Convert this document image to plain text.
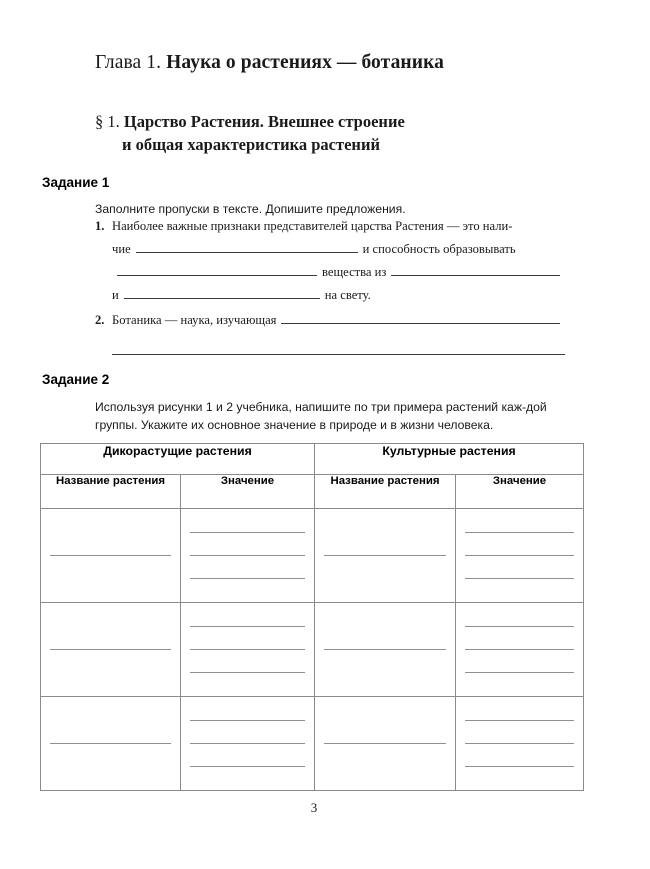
Глава 1. Наука о растениях — ботаника
§ 1. Царство Растения. Внешнее строение
и общая характеристика растений
Задание 1
Заполните пропуски в тексте. Допишите предложения.
1. Наиболее важные признаки представителей царства Растения — это нали-
чие	и способность образовывать
вещества из
и	на свету.
2. Ботаника — наука, изучающая
Задание 2
Используя рисунки 1 и 2 учебника, напишите по три примера растений каж-дой группы. Укажите их основное значение в природе и в жизни человека.
Дикорастущие растения		Культурные растения	
Название растения	Значение	Название растения	Значение

3
